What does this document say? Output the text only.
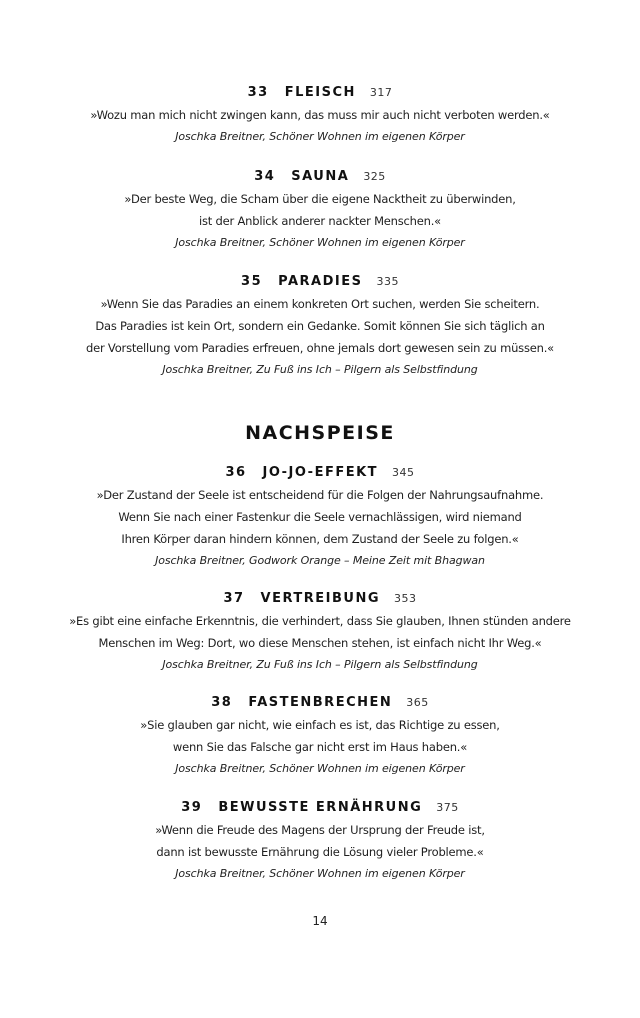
33 FLEISCH 317
»Wozu man mich nicht zwingen kann, das muss mir auch nicht verboten werden.«
Joschka Breitner, Schöner Wohnen im eigenen Körper
34 SAUNA 325
»Der beste Weg, die Scham über die eigene Nacktheit zu überwinden,
ist der Anblick anderer nackter Menschen.«
Joschka Breitner, Schöner Wohnen im eigenen Körper
35 PARADIES 335
»Wenn Sie das Paradies an einem konkreten Ort suchen, werden Sie scheitern.
Das Paradies ist kein Ort, sondern ein Gedanke. Somit können Sie sich täglich an
der Vorstellung vom Paradies erfreuen, ohne jemals dort gewesen sein zu müssen.«
Joschka Breitner, Zu Fuß ins Ich – Pilgern als Selbstfindung
NACHSPEISE
36 JO-JO-EFFEKT 345
»Der Zustand der Seele ist entscheidend für die Folgen der Nahrungsaufnahme.
Wenn Sie nach einer Fastenkur die Seele vernachlässigen, wird niemand
Ihren Körper daran hindern können, dem Zustand der Seele zu folgen.«
Joschka Breitner, Godwork Orange – Meine Zeit mit Bhagwan
37 VERTREIBUNG 353
»Es gibt eine einfache Erkenntnis, die verhindert, dass Sie glauben, Ihnen stünden andere
Menschen im Weg: Dort, wo diese Menschen stehen, ist einfach nicht Ihr Weg.«
Joschka Breitner, Zu Fuß ins Ich – Pilgern als Selbstfindung
38 FASTENBRECHEN 365
»Sie glauben gar nicht, wie einfach es ist, das Richtige zu essen,
wenn Sie das Falsche gar nicht erst im Haus haben.«
Joschka Breitner, Schöner Wohnen im eigenen Körper
39 BEWUSSTE ERNÄHRUNG 375
»Wenn die Freude des Magens der Ursprung der Freude ist,
dann ist bewusste Ernährung die Lösung vieler Probleme.«
Joschka Breitner, Schöner Wohnen im eigenen Körper
14
